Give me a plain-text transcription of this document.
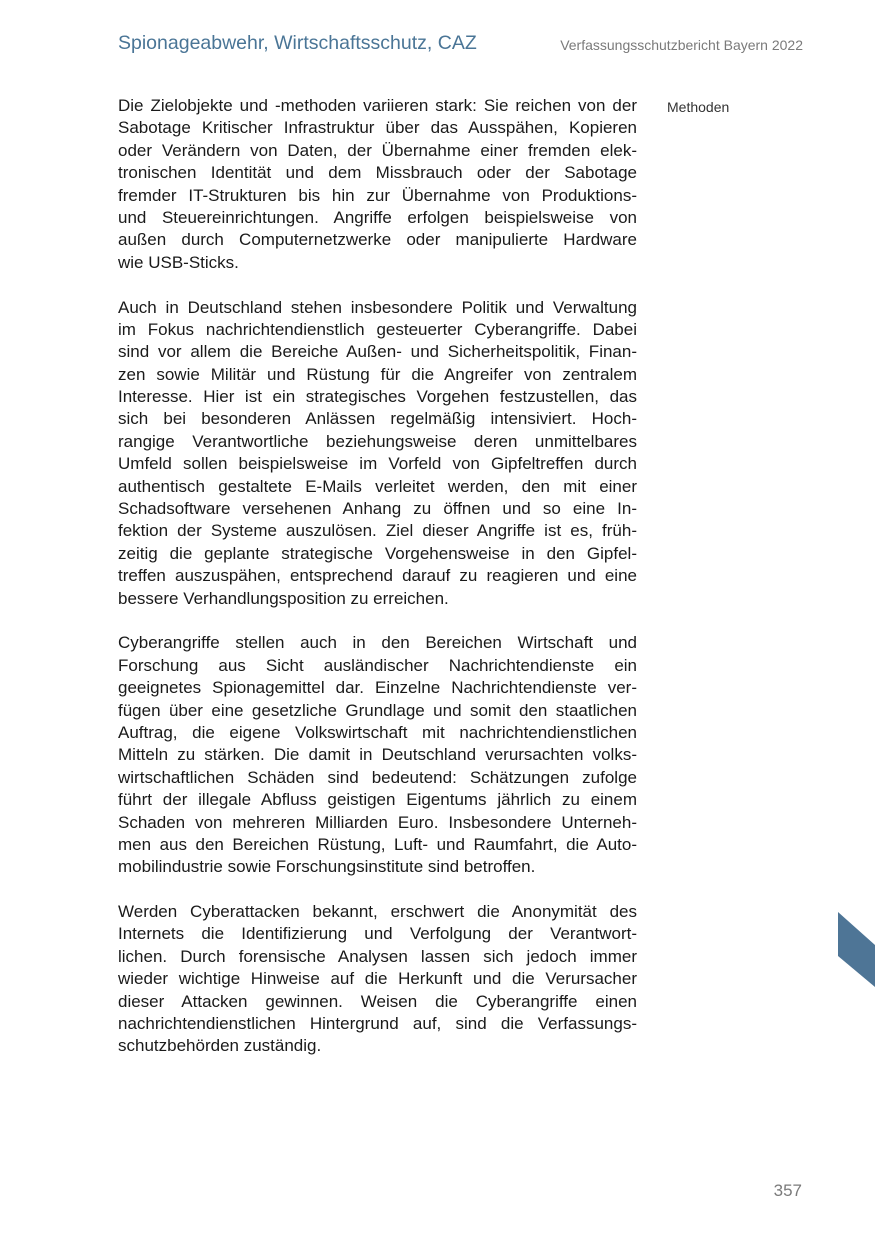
Spionageabwehr, Wirtschaftsschutz, CAZ	Verfassungsschutzbericht Bayern 2022

Die Zielobjekte und -methoden variieren stark: Sie reichen von der
Sabotage Kritischer Infrastruktur über das Ausspähen, Kopieren
oder Verändern von Daten, der Übernahme einer fremden elek-
tronischen Identität und dem Missbrauch oder der Sabotage
fremder IT-Strukturen bis hin zur Übernahme von Produktions-
und Steuereinrichtungen. Angriffe erfolgen beispielsweise von
außen durch Computernetzwerke oder manipulierte Hardware
wie USB-Sticks.

Auch in Deutschland stehen insbesondere Politik und Verwaltung
im Fokus nachrichtendienstlich gesteuerter Cyberangriffe. Dabei
sind vor allem die Bereiche Außen- und Sicherheitspolitik, Finan-
zen sowie Militär und Rüstung für die Angreifer von zentralem
Interesse. Hier ist ein strategisches Vorgehen festzustellen, das
sich bei besonderen Anlässen regelmäßig intensiviert. Hoch-
rangige Verantwortliche beziehungsweise deren unmittelbares
Umfeld sollen beispielsweise im Vorfeld von Gipfeltreffen durch
authentisch gestaltete E-Mails verleitet werden, den mit einer
Schadsoftware versehenen Anhang zu öffnen und so eine In-
fektion der Systeme auszulösen. Ziel dieser Angriffe ist es, früh-
zeitig die geplante strategische Vorgehensweise in den Gipfel-
treffen auszuspähen, entsprechend darauf zu reagieren und eine
bessere Verhandlungsposition zu erreichen.

Cyberangriffe stellen auch in den Bereichen Wirtschaft und
Forschung aus Sicht ausländischer Nachrichtendienste ein
geeignetes Spionagemittel dar. Einzelne Nachrichtendienste ver-
fügen über eine gesetzliche Grundlage und somit den staatlichen
Auftrag, die eigene Volkswirtschaft mit nachrichtendienstlichen
Mitteln zu stärken. Die damit in Deutschland verursachten volks-
wirtschaftlichen Schäden sind bedeutend: Schätzungen zufolge
führt der illegale Abfluss geistigen Eigentums jährlich zu einem
Schaden von mehreren Milliarden Euro. Insbesondere Unterneh-
men aus den Bereichen Rüstung, Luft- und Raumfahrt, die Auto-
mobilindustrie sowie Forschungsinstitute sind betroffen.

Werden Cyberattacken bekannt, erschwert die Anonymität des
Internets die Identifizierung und Verfolgung der Verantwort-
lichen. Durch forensische Analysen lassen sich jedoch immer
wieder wichtige Hinweise auf die Herkunft und die Verursacher
dieser Attacken gewinnen. Weisen die Cyberangriffe einen
nachrichtendienstlichen Hintergrund auf, sind die Verfassungs-
schutzbehörden zuständig.

Methoden
357
